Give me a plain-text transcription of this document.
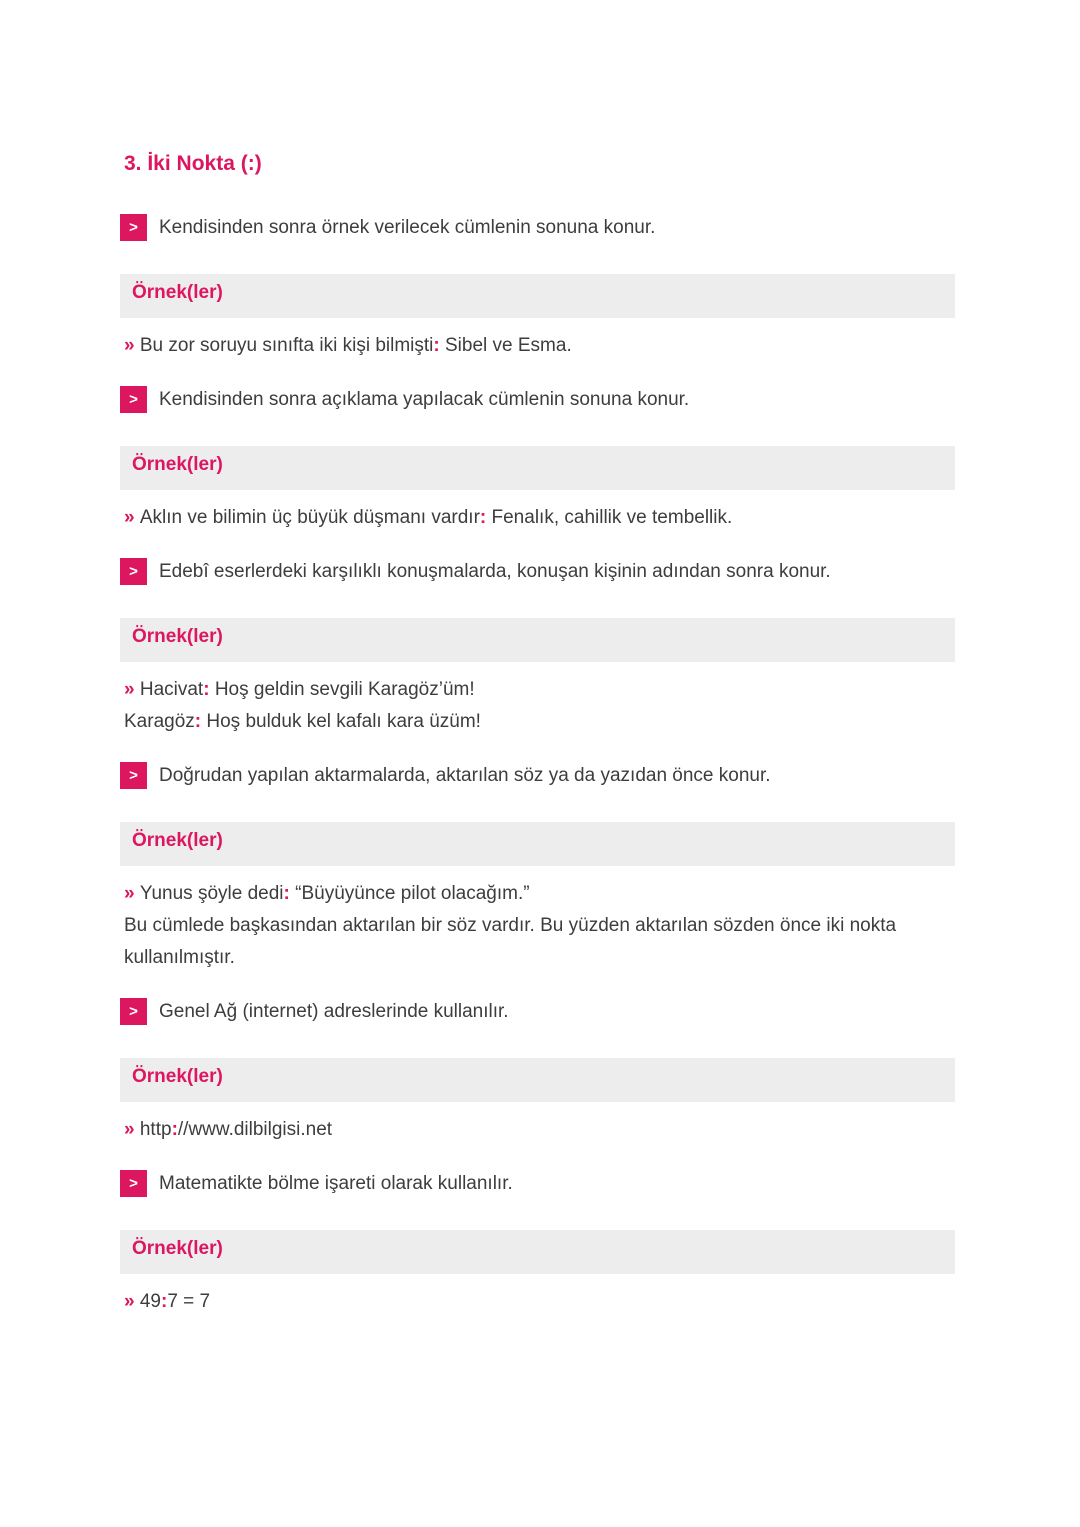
3. İki Nokta (:)
>	Kendisinden sonra örnek verilecek cümlenin sonuna konur.
Örnek(ler)

» Bu zor soruyu sınıfta iki kişi bilmişti: Sibel ve Esma.

>	Kendisinden sonra açıklama yapılacak cümlenin sonuna konur.
Örnek(ler)

» Aklın ve bilimin üç büyük düşmanı vardır: Fenalık, cahillik ve tembellik.

>	Edebî eserlerdeki karşılıklı konuşmalarda, konuşan kişinin adından sonra konur.
Örnek(ler)

» Hacivat: Hoş geldin sevgili Karagöz’üm!

Karagöz: Hoş bulduk kel kafalı kara üzüm!

>	Doğrudan yapılan aktarmalarda, aktarılan söz ya da yazıdan önce konur.
Örnek(ler)

» Yunus şöyle dedi: “Büyüyünce pilot olacağım.”

Bu cümlede başkasından aktarılan bir söz vardır. Bu yüzden aktarılan sözden önce iki nokta kullanılmıştır.

>	Genel Ağ (internet) adreslerinde kullanılır.
Örnek(ler)

» http://www.dilbilgisi.net

>	Matematikte bölme işareti olarak kullanılır.
Örnek(ler)

» 49:7 = 7
